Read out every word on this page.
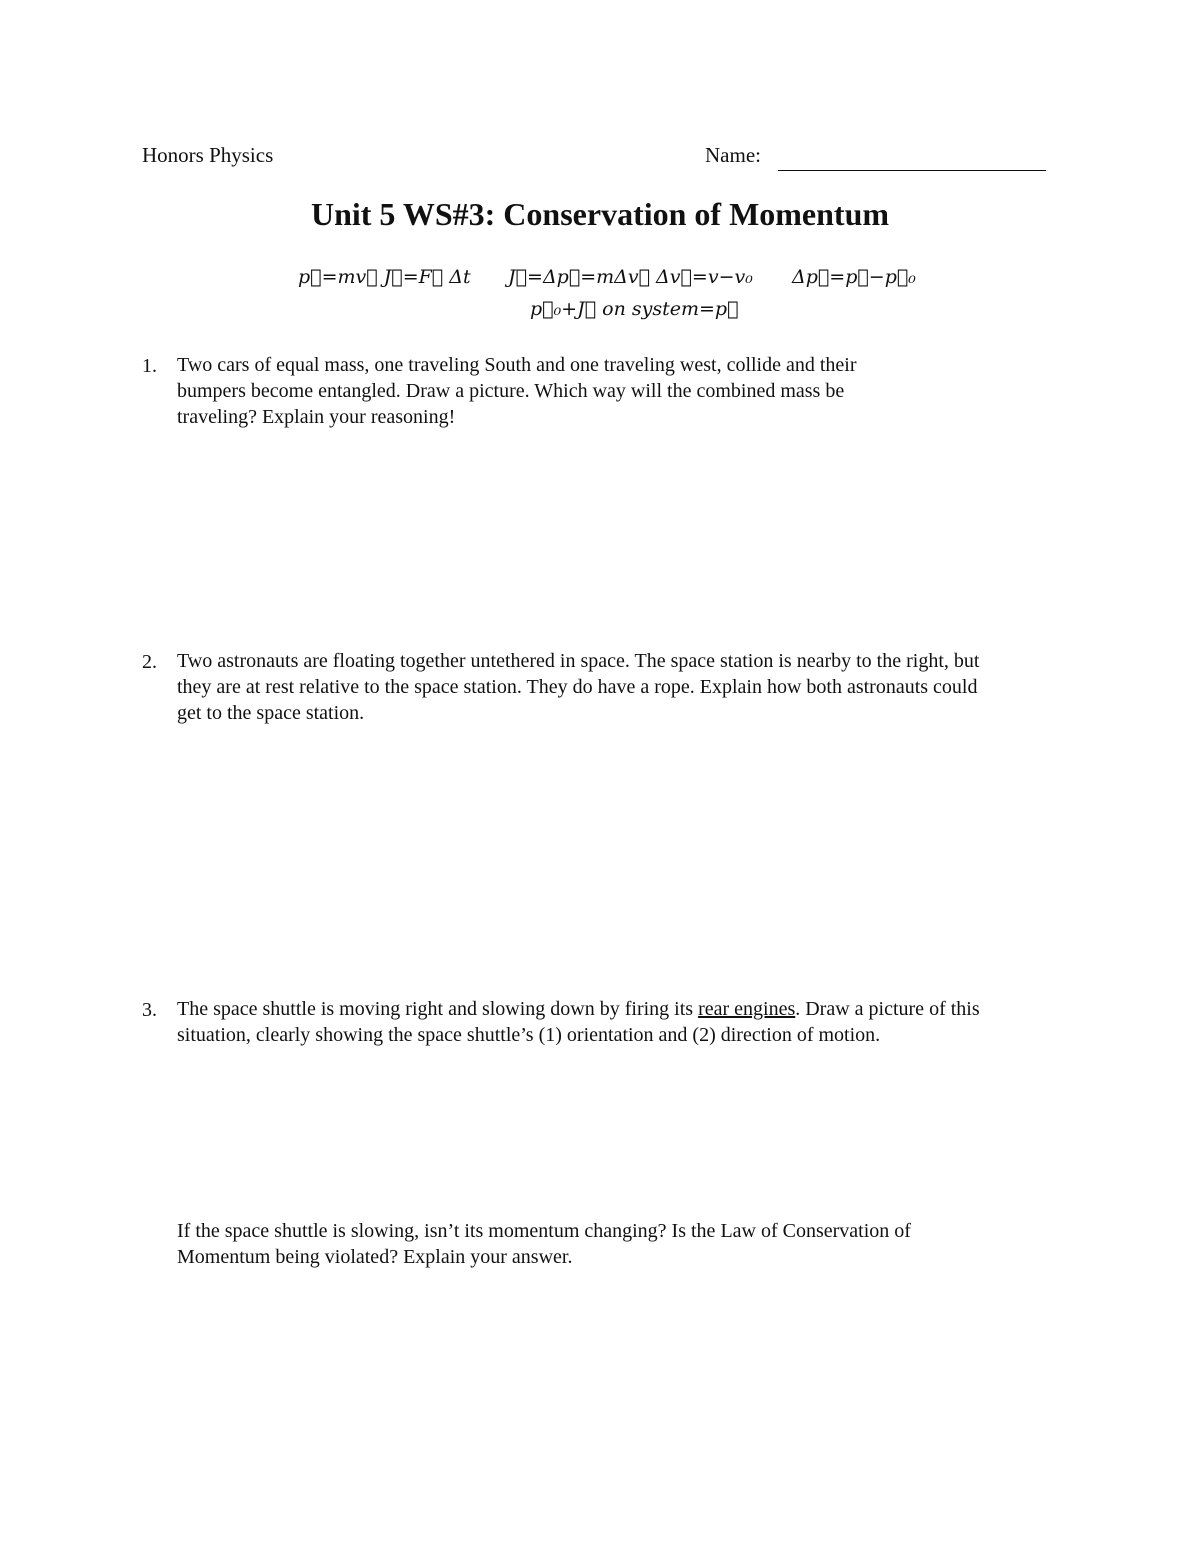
Honors Physics	Name:
Unit 5 WS#3: Conservation of Momentum
p⃗=mv⃗ J⃗=F⃗ Δt J⃗=Δp⃗=mΔv⃗ Δv⃗=v−v₀ Δp⃗=p⃗−p⃗₀
p⃗₀+J⃗ on system=p⃗
1. Two cars of equal mass, one traveling South and one traveling west, collide and their
bumpers become entangled. Draw a picture. Which way will the combined mass be
traveling? Explain your reasoning!
2. Two astronauts are floating together untethered in space. The space station is nearby to the right, but
they are at rest relative to the space station. They do have a rope. Explain how both astronauts could
get to the space station.
3. The space shuttle is moving right and slowing down by firing its rear engines. Draw a picture of this
situation, clearly showing the space shuttle’s (1) orientation and (2) direction of motion.
If the space shuttle is slowing, isn’t its momentum changing? Is the Law of Conservation of
Momentum being violated? Explain your answer.
